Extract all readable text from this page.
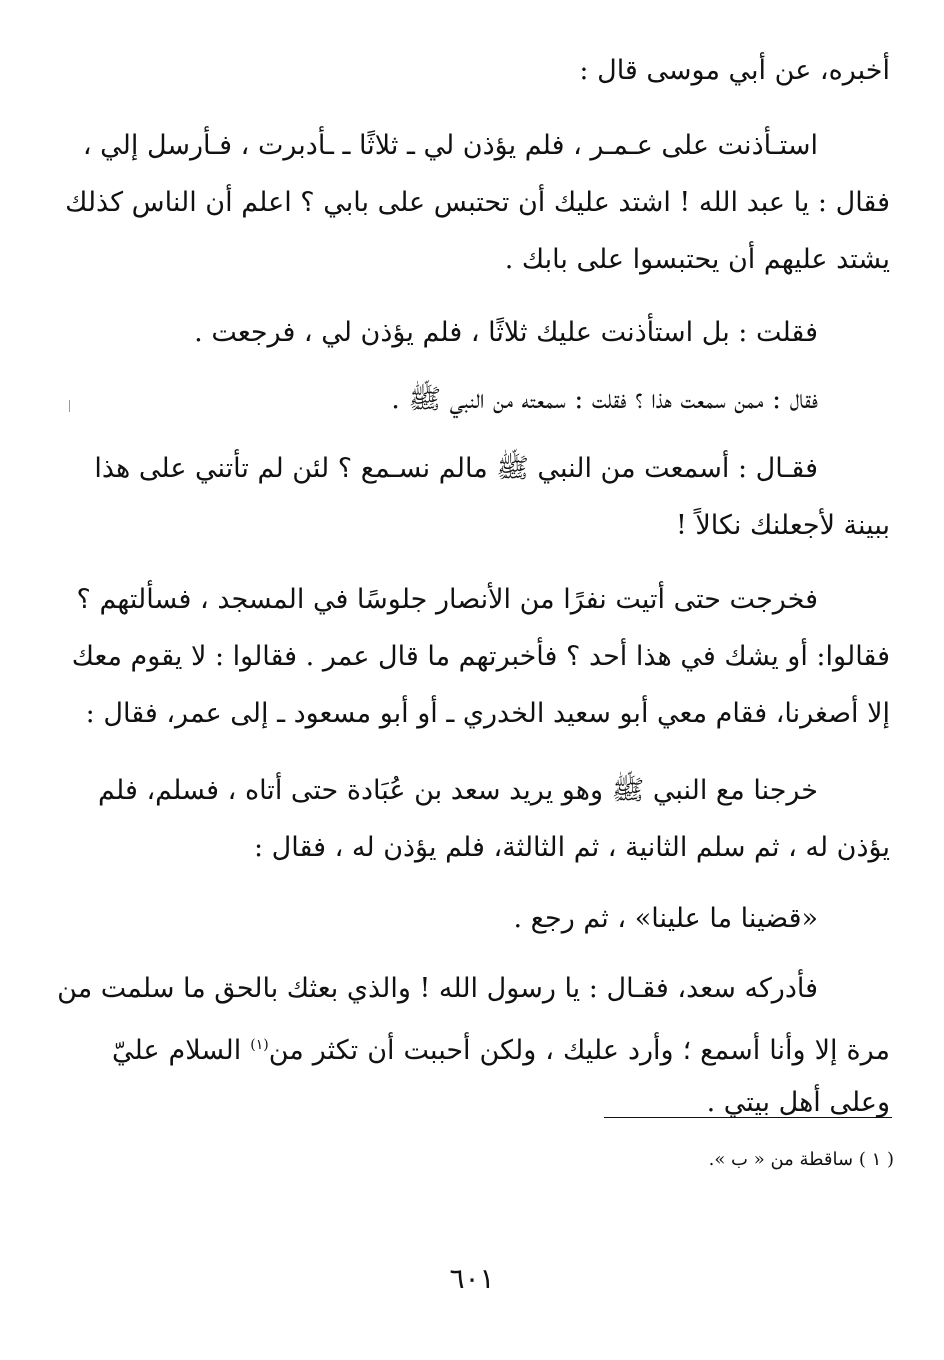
أخبره، عن أبي موسى قال :
استـأذنت على عـمـر ، فلم يؤذن لي ـ ثلاثًا ـ ـأدبرت ، فـأرسل إلي ،
فقال : يا عبد الله ! اشتد عليك أن تحتبس على بابي ؟ اعلم أن الناس كذلك
يشتد عليهم أن يحتبسوا على بابك .
فقلت : بل استأذنت عليك ثلاثًا ، فلم يؤذن لي ، فرجعت .
فقال : ممن سمعت هذا ؟ فقلت : سمعته من النبي ﷺ .
فقـال : أسمعت من النبي ﷺ مالم نسـمع ؟ لئن لم تأتني على هذا
ببينة لأجعلنك نكالاً !
فخرجت حتى أتيت نفرًا من الأنصار جلوسًا في المسجد ، فسألتهم ؟
فقالوا: أو يشك في هذا أحد ؟ فأخبرتهم ما قال عمر . فقالوا : لا يقوم معك
إلا أصغرنا، فقام معي أبو سعيد الخدري ـ أو أبو مسعود ـ إلى عمر، فقال :
خرجنا مع النبي ﷺ وهو يريد سعد بن عُبَادة حتى أتاه ، فسلم، فلم
يؤذن له ، ثم سلم الثانية ، ثم الثالثة، فلم يؤذن له ، فقال :
«قضينا ما علينا» ، ثم رجع .
فأدركه سعد، فقـال : يا رسول الله ! والذي بعثك بالحق ما سلمت من
مرة إلا وأنا أسمع ؛ وأرد عليك ، ولكن أحببت أن تكثر من$^{(١)}$ السلام عليّ
وعلى أهل بيتي .
( ١ ) ساقطة من « ب ».
٦٠١
